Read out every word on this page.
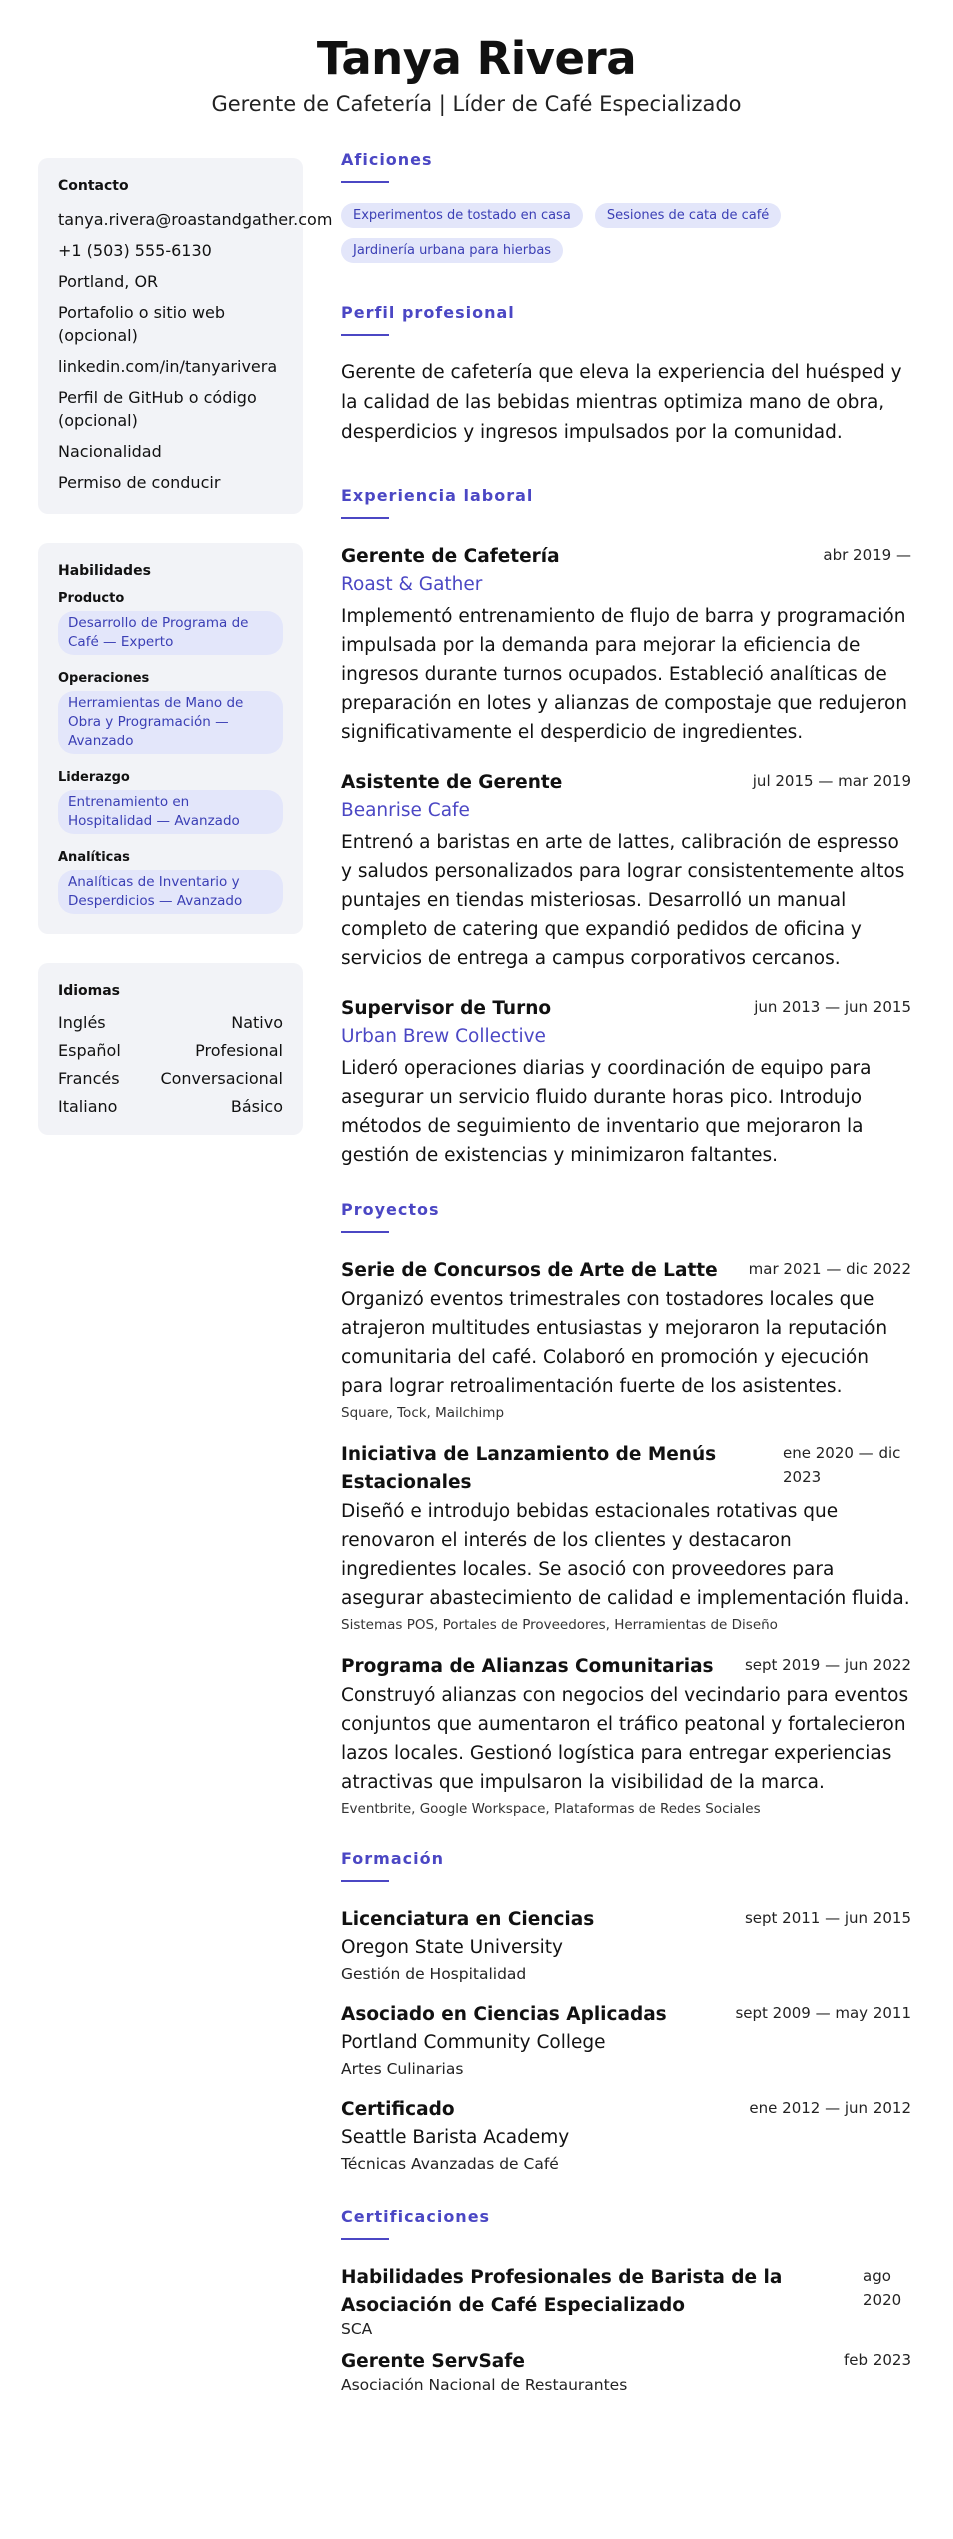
Tanya Rivera
Gerente de Cafetería | Líder de Café Especializado
Contacto
tanya.rivera@roastandgather.com
+1 (503) 555-6130
Portland, OR
Portafolio o sitio web (opcional)
linkedin.com/in/tanyarivera
Perfil de GitHub o código (opcional)
Nacionalidad
Permiso de conducir
Habilidades
Producto
Desarrollo de Programa de Café — Experto
Operaciones
Herramientas de Mano de Obra y Programación — Avanzado
Liderazgo
Entrenamiento en Hospitalidad — Avanzado
Analíticas
Analíticas de Inventario y Desperdicios — Avanzado
Idiomas
Inglés	Nativo
Español	Profesional
Francés	Conversacional
Italiano	Básico
Aficiones
Experimentos de tostado en casa	Sesiones de cata de café
Jardinería urbana para hierbas
Perfil profesional
Gerente de cafetería que eleva la experiencia del huésped y la calidad de las bebidas mientras optimiza mano de obra, desperdicios y ingresos impulsados por la comunidad.
Experiencia laboral
Gerente de Cafetería	abr 2019 —
Roast & Gather
Implementó entrenamiento de flujo de barra y programación impulsada por la demanda para mejorar la eficiencia de ingresos durante turnos ocupados. Estableció analíticas de preparación en lotes y alianzas de compostaje que redujeron significativamente el desperdicio de ingredientes.
Asistente de Gerente	jul 2015 — mar 2019
Beanrise Cafe
Entrenó a baristas en arte de lattes, calibración de espresso y saludos personalizados para lograr consistentemente altos puntajes en tiendas misteriosas. Desarrolló un manual completo de catering que expandió pedidos de oficina y servicios de entrega a campus corporativos cercanos.
Supervisor de Turno	jun 2013 — jun 2015
Urban Brew Collective
Lideró operaciones diarias y coordinación de equipo para asegurar un servicio fluido durante horas pico. Introdujo métodos de seguimiento de inventario que mejoraron la gestión de existencias y minimizaron faltantes.
Proyectos
Serie de Concursos de Arte de Latte	mar 2021 — dic 2022
Organizó eventos trimestrales con tostadores locales que atrajeron multitudes entusiastas y mejoraron la reputación comunitaria del café. Colaboró en promoción y ejecución para lograr retroalimentación fuerte de los asistentes.
Square, Tock, Mailchimp
Iniciativa de Lanzamiento de Menús Estacionales
ene 2020 — dic 2023
Diseñó e introdujo bebidas estacionales rotativas que renovaron el interés de los clientes y destacaron ingredientes locales. Se asoció con proveedores para asegurar abastecimiento de calidad e implementación fluida.
Sistemas POS, Portales de Proveedores, Herramientas de Diseño
Programa de Alianzas Comunitarias	sept 2019 — jun 2022
Construyó alianzas con negocios del vecindario para eventos conjuntos que aumentaron el tráfico peatonal y fortalecieron lazos locales. Gestionó logística para entregar experiencias atractivas que impulsaron la visibilidad de la marca.
Eventbrite, Google Workspace, Plataformas de Redes Sociales
Formación
Licenciatura en Ciencias	sept 2011 — jun 2015
Oregon State University
Gestión de Hospitalidad
Asociado en Ciencias Aplicadas	sept 2009 — may 2011
Portland Community College
Artes Culinarias
Certificado	ene 2012 — jun 2012
Seattle Barista Academy
Técnicas Avanzadas de Café
Certificaciones
Habilidades Profesionales de Barista de la Asociación de Café Especializado
ago 2020
SCA
Gerente ServSafe	feb 2023
Asociación Nacional de Restaurantes
